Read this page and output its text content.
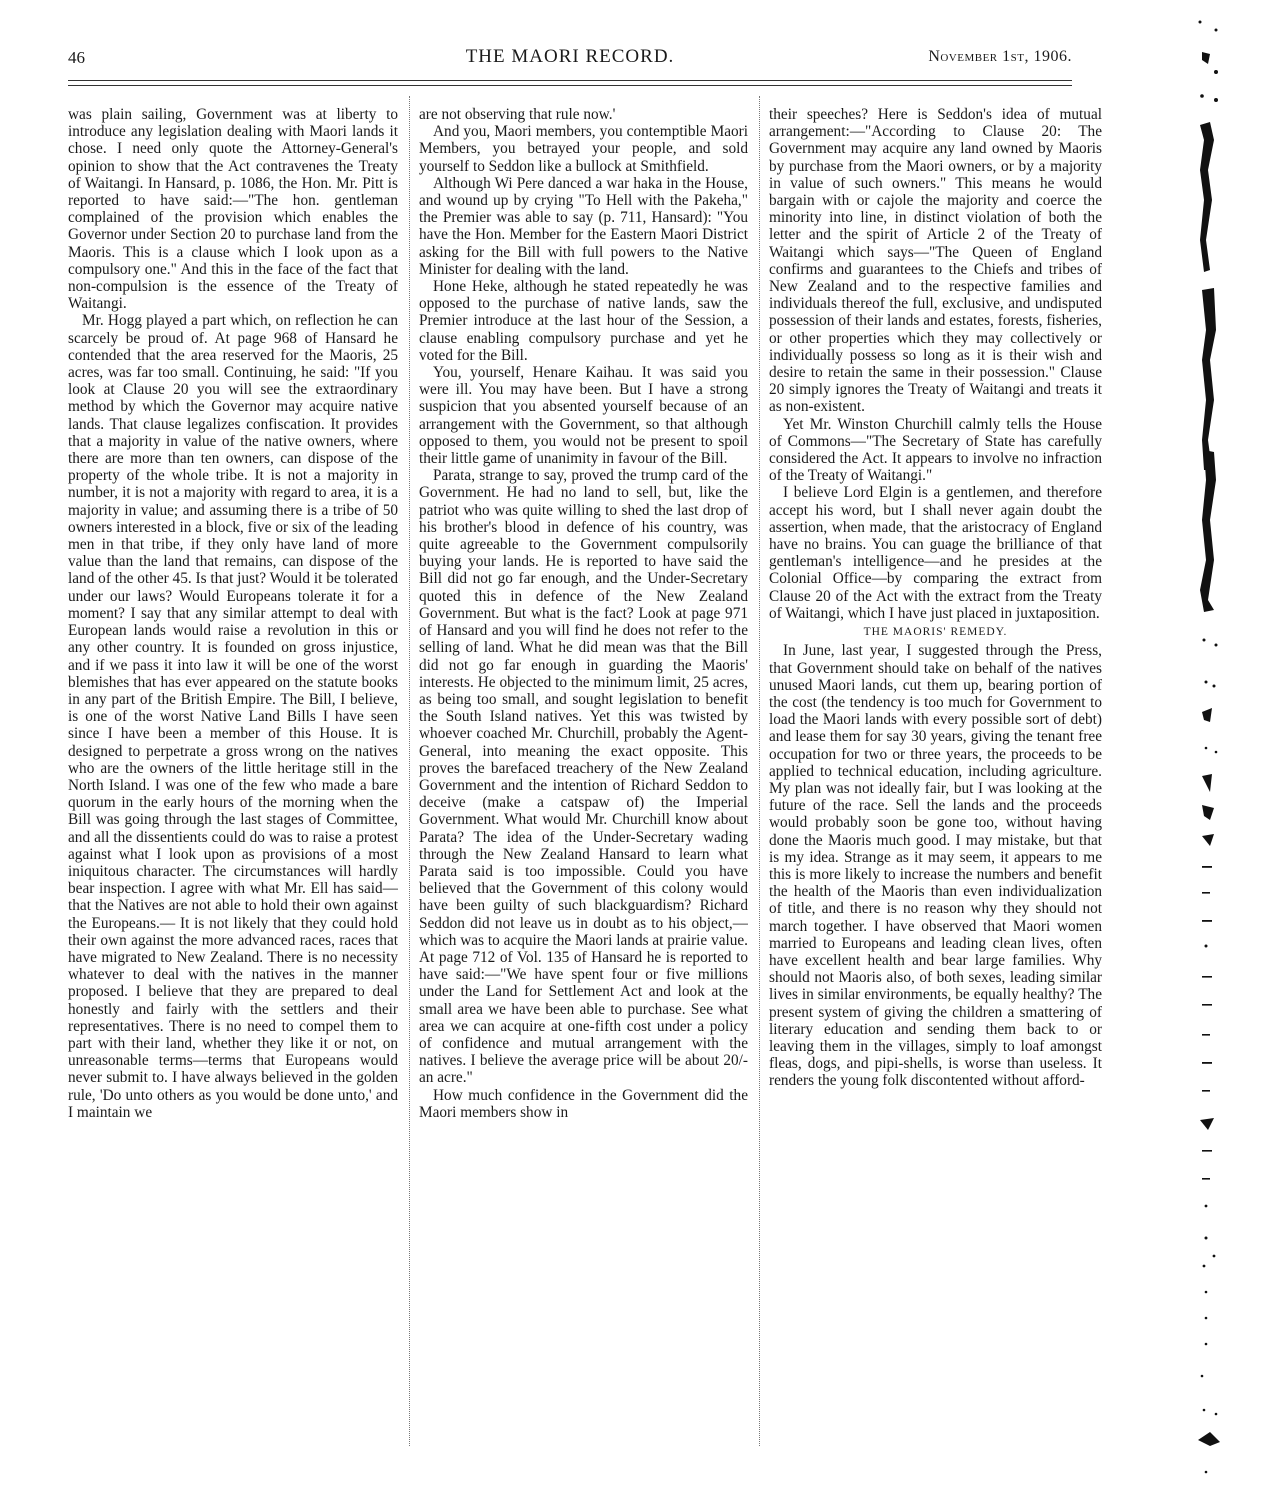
46	THE MAORI RECORD.	November 1st, 1906.

was plain sailing, Government was at liberty to introduce any legislation dealing with Maori lands it chose. I need only quote the Attorney-General's opinion to show that the Act contravenes the Treaty of Waitangi. In Hansard, p. 1086, the Hon. Mr. Pitt is reported to have said:—"The hon. gentleman complained of the provision which enables the Governor under Section 20 to purchase land from the Maoris. This is a clause which I look upon as a compulsory one." And this in the face of the fact that non-compulsion is the essence of the Treaty of Waitangi.

Mr. Hogg played a part which, on reflection he can scarcely be proud of. At page 968 of Hansard he contended that the area reserved for the Maoris, 25 acres, was far too small. Continuing, he said: "If you look at Clause 20 you will see the extraordinary method by which the Governor may acquire native lands. That clause legalizes confiscation. It provides that a majority in value of the native owners, where there are more than ten owners, can dispose of the property of the whole tribe. It is not a majority in number, it is not a majority with regard to area, it is a majority in value; and assuming there is a tribe of 50 owners interested in a block, five or six of the leading men in that tribe, if they only have land of more value than the land that remains, can dispose of the land of the other 45. Is that just? Would it be tolerated under our laws? Would Europeans tolerate it for a moment? I say that any similar attempt to deal with European lands would raise a revolution in this or any other country. It is founded on gross injustice, and if we pass it into law it will be one of the worst blemishes that has ever appeared on the statute books in any part of the British Empire. The Bill, I believe, is one of the worst Native Land Bills I have seen since I have been a member of this House. It is designed to perpetrate a gross wrong on the natives who are the owners of the little heritage still in the North Island. I was one of the few who made a bare quorum in the early hours of the morning when the Bill was going through the last stages of Committee, and all the dissentients could do was to raise a protest against what I look upon as provisions of a most iniquitous character. The circumstances will hardly bear inspection. I agree with what Mr. Ell has said—that the Natives are not able to hold their own against the Europeans.— It is not likely that they could hold their own against the more advanced races, races that have migrated to New Zealand. There is no necessity whatever to deal with the natives in the manner proposed. I believe that they are prepared to deal honestly and fairly with the settlers and their representatives. There is no need to compel them to part with their land, whether they like it or not, on unreasonable terms—terms that Europeans would never submit to. I have always believed in the golden rule, 'Do unto others as you would be done unto,' and I maintain we

are not observing that rule now.'

And you, Maori members, you contemptible Maori Members, you betrayed your people, and sold yourself to Seddon like a bullock at Smithfield.

Although Wi Pere danced a war haka in the House, and wound up by crying "To Hell with the Pakeha," the Premier was able to say (p. 711, Hansard): "You have the Hon. Member for the Eastern Maori District asking for the Bill with full powers to the Native Minister for dealing with the land.

Hone Heke, although he stated repeatedly he was opposed to the purchase of native lands, saw the Premier introduce at the last hour of the Session, a clause enabling compulsory purchase and yet he voted for the Bill.

You, yourself, Henare Kaihau. It was said you were ill. You may have been. But I have a strong suspicion that you absented yourself because of an arrangement with the Government, so that although opposed to them, you would not be present to spoil their little game of unanimity in favour of the Bill.

Parata, strange to say, proved the trump card of the Government. He had no land to sell, but, like the patriot who was quite willing to shed the last drop of his brother's blood in defence of his country, was quite agreeable to the Government compulsorily buying your lands. He is reported to have said the Bill did not go far enough, and the Under-Secretary quoted this in defence of the New Zealand Government. But what is the fact? Look at page 971 of Hansard and you will find he does not refer to the selling of land. What he did mean was that the Bill did not go far enough in guarding the Maoris' interests. He objected to the minimum limit, 25 acres, as being too small, and sought legislation to benefit the South Island natives. Yet this was twisted by whoever coached Mr. Churchill, probably the Agent-General, into meaning the exact opposite. This proves the barefaced treachery of the New Zealand Government and the intention of Richard Seddon to deceive (make a catspaw of) the Imperial Government. What would Mr. Churchill know about Parata? The idea of the Under-Secretary wading through the New Zealand Hansard to learn what Parata said is too impossible. Could you have believed that the Government of this colony would have been guilty of such blackguardism? Richard Seddon did not leave us in doubt as to his object,—which was to acquire the Maori lands at prairie value. At page 712 of Vol. 135 of Hansard he is reported to have said:—"We have spent four or five millions under the Land for Settlement Act and look at the small area we have been able to purchase. See what area we can acquire at one-fifth cost under a policy of confidence and mutual arrangement with the natives. I believe the average price will be about 20/- an acre."

How much confidence in the Government did the Maori members show in

their speeches? Here is Seddon's idea of mutual arrangement:—"According to Clause 20: The Government may acquire any land owned by Maoris by purchase from the Maori owners, or by a majority in value of such owners." This means he would bargain with or cajole the majority and coerce the minority into line, in distinct violation of both the letter and the spirit of Article 2 of the Treaty of Waitangi which says—"The Queen of England confirms and guarantees to the Chiefs and tribes of New Zealand and to the respective families and individuals thereof the full, exclusive, and undisputed possession of their lands and estates, forests, fisheries, or other properties which they may collectively or individually possess so long as it is their wish and desire to retain the same in their possession." Clause 20 simply ignores the Treaty of Waitangi and treats it as non-existent.

Yet Mr. Winston Churchill calmly tells the House of Commons—"The Secretary of State has carefully considered the Act. It appears to involve no infraction of the Treaty of Waitangi."

I believe Lord Elgin is a gentlemen, and therefore accept his word, but I shall never again doubt the assertion, when made, that the aristocracy of England have no brains. You can guage the brilliance of that gentleman's intelligence—and he presides at the Colonial Office—by comparing the extract from Clause 20 of the Act with the extract from the Treaty of Waitangi, which I have just placed in juxtaposition.

THE MAORIS' REMEDY.

In June, last year, I suggested through the Press, that Government should take on behalf of the natives unused Maori lands, cut them up, bearing portion of the cost (the tendency is too much for Government to load the Maori lands with every possible sort of debt) and lease them for say 30 years, giving the tenant free occupation for two or three years, the proceeds to be applied to technical education, including agriculture. My plan was not ideally fair, but I was looking at the future of the race. Sell the lands and the proceeds would probably soon be gone too, without having done the Maoris much good. I may mistake, but that is my idea. Strange as it may seem, it appears to me this is more likely to increase the numbers and benefit the health of the Maoris than even individualization of title, and there is no reason why they should not march together. I have observed that Maori women married to Europeans and leading clean lives, often have excellent health and bear large families. Why should not Maoris also, of both sexes, leading similar lives in similar environments, be equally healthy? The present system of giving the children a smattering of literary education and sending them back to or leaving them in the villages, simply to loaf amongst fleas, dogs, and pipi-shells, is worse than useless. It renders the young folk discontented without afford-
